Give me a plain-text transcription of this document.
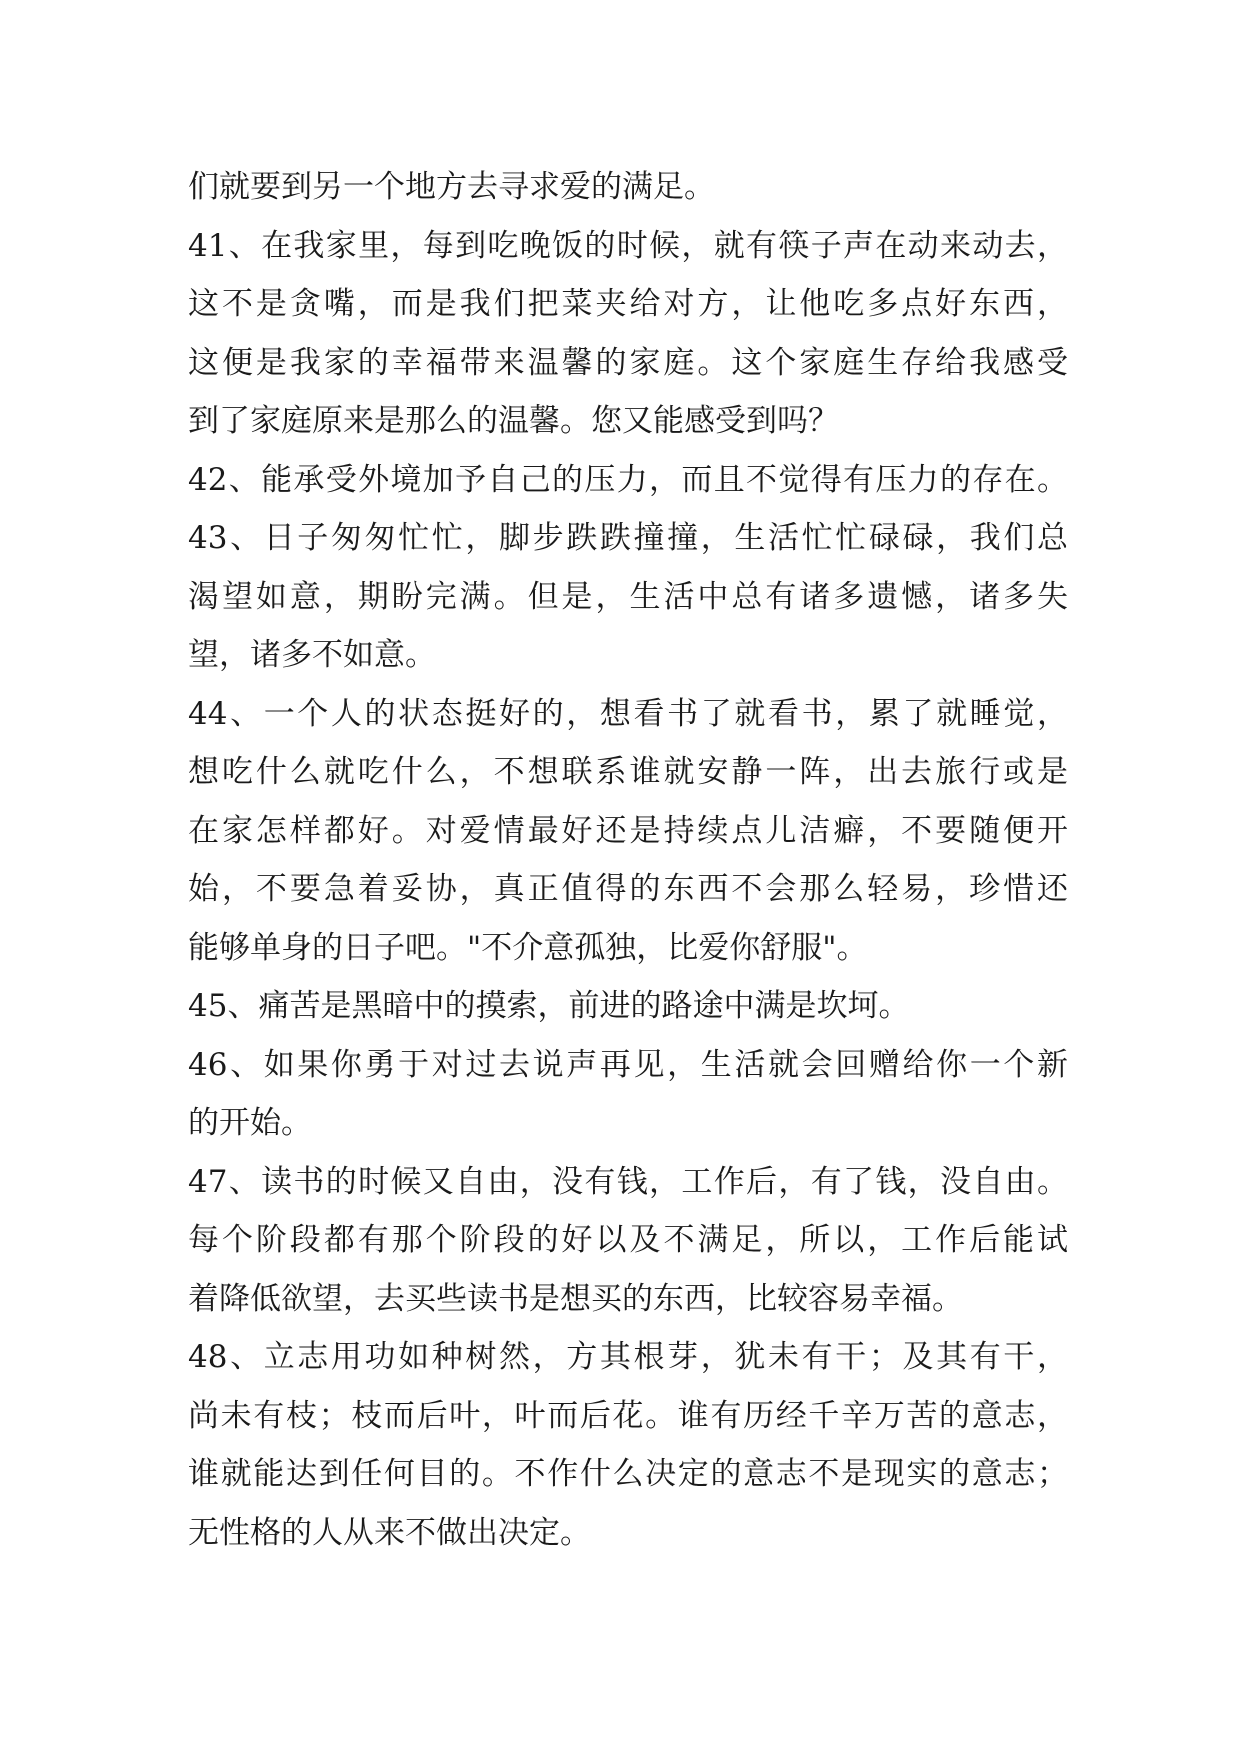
们就要到另一个地方去寻求爱的满足。
41、在我家里，每到吃晚饭的时候，就有筷子声在动来动去，
这不是贪嘴，而是我们把菜夹给对方，让他吃多点好东西，
这便是我家的幸福带来温馨的家庭。这个家庭生存给我感受
到了家庭原来是那么的温馨。您又能感受到吗？
42、能承受外境加予自己的压力，而且不觉得有压力的存在。
43、日子匆匆忙忙，脚步跌跌撞撞，生活忙忙碌碌，我们总
渴望如意，期盼完满。但是，生活中总有诸多遗憾，诸多失
望，诸多不如意。
44、一个人的状态挺好的，想看书了就看书，累了就睡觉，
想吃什么就吃什么，不想联系谁就安静一阵，出去旅行或是
在家怎样都好。对爱情最好还是持续点儿洁癖，不要随便开
始，不要急着妥协，真正值得的东西不会那么轻易，珍惜还
能够单身的日子吧。"不介意孤独，比爱你舒服"。
45、痛苦是黑暗中的摸索，前进的路途中满是坎坷。
46、如果你勇于对过去说声再见，生活就会回赠给你一个新
的开始。
47、读书的时候又自由，没有钱，工作后，有了钱，没自由。
每个阶段都有那个阶段的好以及不满足，所以，工作后能试
着降低欲望，去买些读书是想买的东西，比较容易幸福。
48、立志用功如种树然，方其根芽，犹未有干；及其有干，
尚未有枝；枝而后叶，叶而后花。谁有历经千辛万苦的意志，
谁就能达到任何目的。不作什么决定的意志不是现实的意志；
无性格的人从来不做出决定。
